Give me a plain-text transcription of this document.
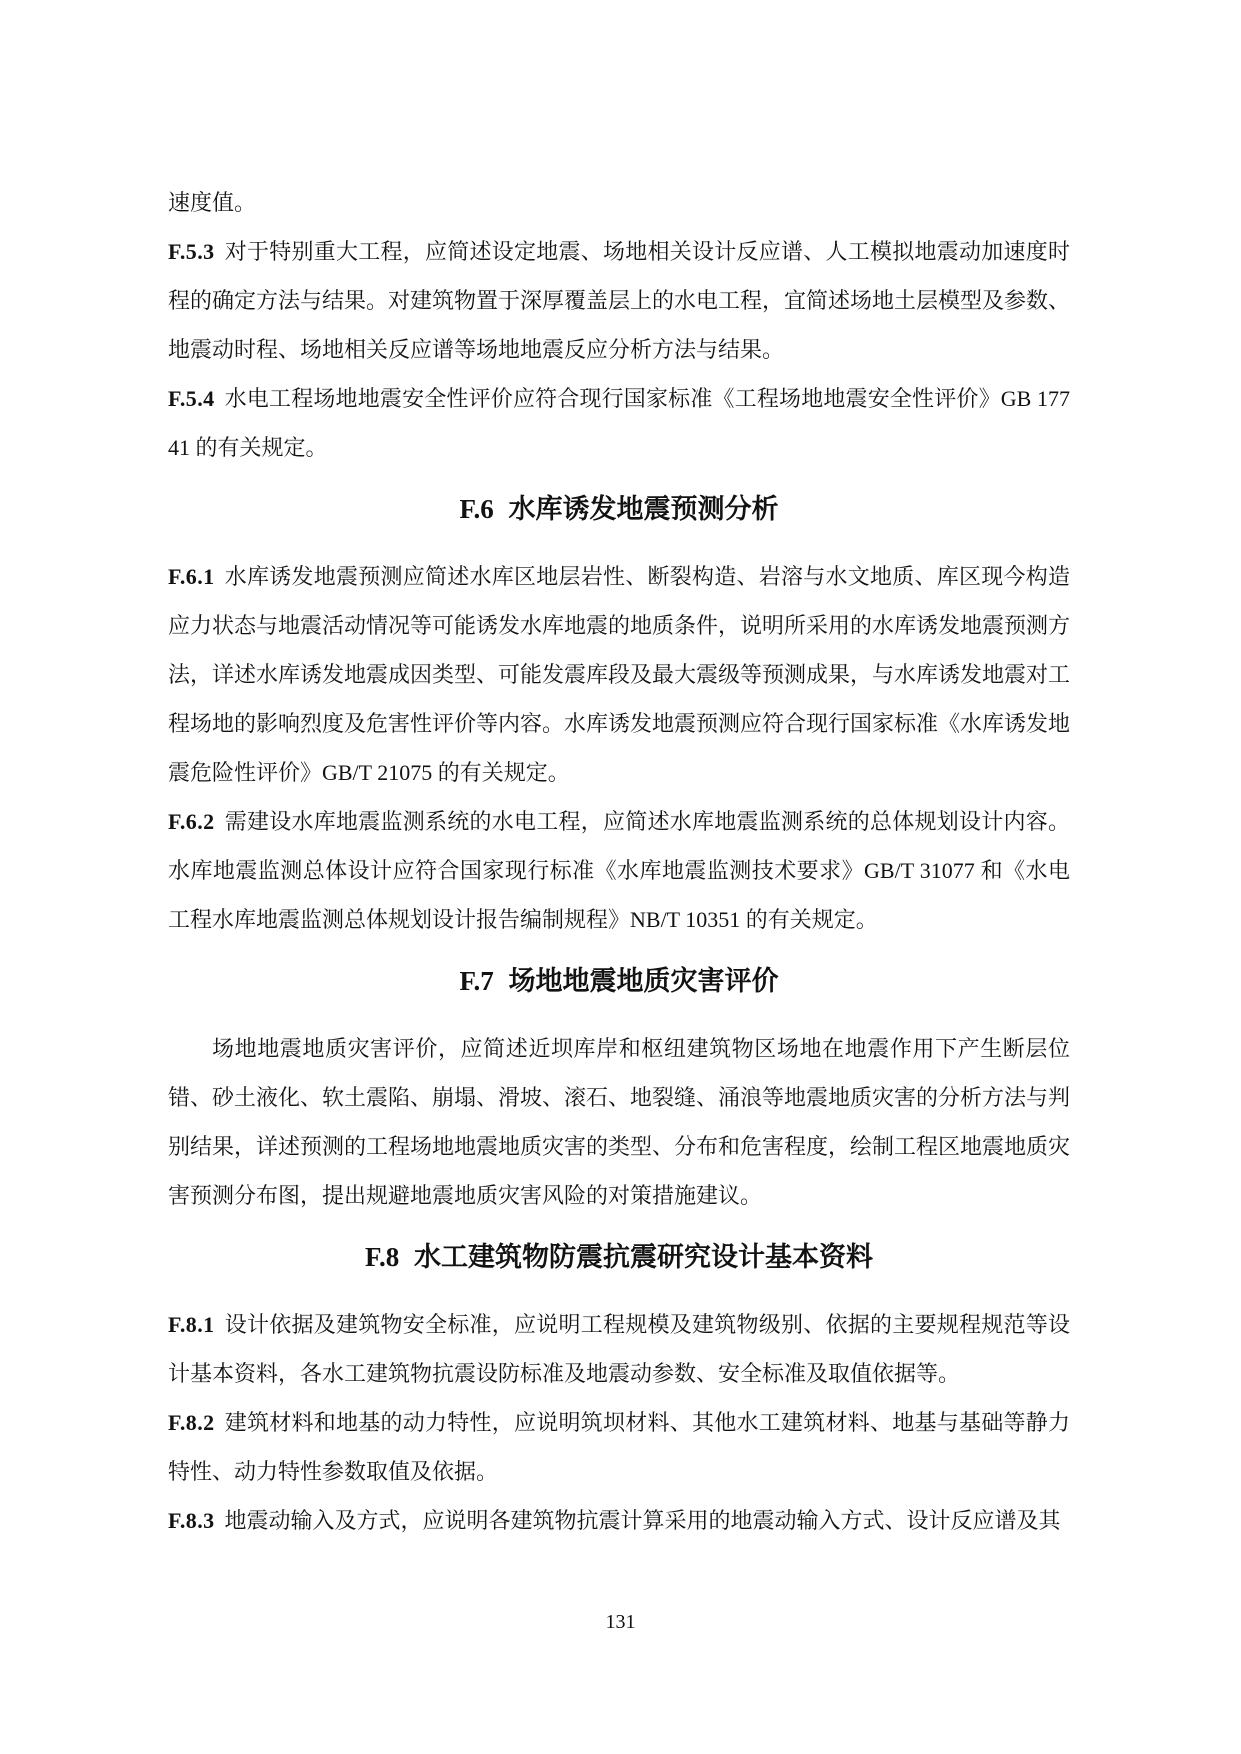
速度值。

F.5.3 对于特别重大工程，应简述设定地震、场地相关设计反应谱、人工模拟地震动加速度时程的确定方法与结果。对建筑物置于深厚覆盖层上的水电工程，宜简述场地土层模型及参数、地震动时程、场地相关反应谱等场地地震反应分析方法与结果。

F.5.4 水电工程场地地震安全性评价应符合现行国家标准《工程场地地震安全性评价》GB 17741 的有关规定。

F.6 水库诱发地震预测分析

F.6.1 水库诱发地震预测应简述水库区地层岩性、断裂构造、岩溶与水文地质、库区现今构造应力状态与地震活动情况等可能诱发水库地震的地质条件，说明所采用的水库诱发地震预测方法，详述水库诱发地震成因类型、可能发震库段及最大震级等预测成果，与水库诱发地震对工程场地的影响烈度及危害性评价等内容。水库诱发地震预测应符合现行国家标准《水库诱发地震危险性评价》GB/T 21075 的有关规定。

F.6.2 需建设水库地震监测系统的水电工程，应简述水库地震监测系统的总体规划设计内容。水库地震监测总体设计应符合国家现行标准《水库地震监测技术要求》GB/T 31077 和《水电工程水库地震监测总体规划设计报告编制规程》NB/T 10351 的有关规定。

F.7 场地地震地质灾害评价

场地地震地质灾害评价，应简述近坝库岸和枢纽建筑物区场地在地震作用下产生断层位错、砂土液化、软土震陷、崩塌、滑坡、滚石、地裂缝、涌浪等地震地质灾害的分析方法与判别结果，详述预测的工程场地地震地质灾害的类型、分布和危害程度，绘制工程区地震地质灾害预测分布图，提出规避地震地质灾害风险的对策措施建议。

F.8 水工建筑物防震抗震研究设计基本资料

F.8.1 设计依据及建筑物安全标准，应说明工程规模及建筑物级别、依据的主要规程规范等设计基本资料，各水工建筑物抗震设防标准及地震动参数、安全标准及取值依据等。

F.8.2 建筑材料和地基的动力特性，应说明筑坝材料、其他水工建筑材料、地基与基础等静力特性、动力特性参数取值及依据。

F.8.3 地震动输入及方式，应说明各建筑物抗震计算采用的地震动输入方式、设计反应谱及其

131
